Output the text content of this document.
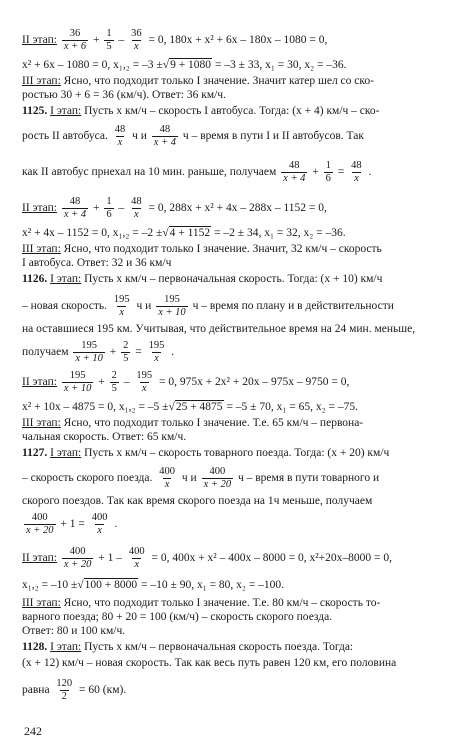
II этап: $\frac{36}{x + 6} + \frac{1}{5} - \frac{36}{x} = 0$, 180x + x² + 6x – 180x – 1080 = 0,
x² + 6x – 1080 = 0, x₁,₂ = –3 ±√9 + 1080 = –3 ± 33, x₁ = 30, x₂ = –36.
III этап: Ясно, что подходит только I значение. Значит катер шел со ско-
ростью 30 + 6 = 36 (км/ч). Ответ: 36 км/ч.
1125. I этап: Пусть x км/ч – скорость I автобуса. Тогда: (x + 4) км/ч – ско-
рость II автобуса. $\frac{48}{x}$ ч и $\frac{48}{x + 4}$ ч – время в пути I и II автобусов. Так
как II автобус прнехал на 10 мин. раньше, получаем $\frac{48}{x + 4} + \frac{1}{6} = \frac{48}{x}$ .
II этап: $\frac{48}{x + 4} + \frac{1}{6} - \frac{48}{x} = 0$, 288x + x² + 4x – 288x – 1152 = 0,
x² + 4x – 1152 = 0, x₁,₂ = –2 ±√4 + 1152 = –2 ± 34, x₁ = 32, x₂ = –36.
III этап: Ясно, что подходит только I значение. Значит, 32 км/ч – скорость
I автобуса. Ответ: 32 и 36 км/ч
1126. I этап: Пусть x км/ч – первоначальная скорость. Тогда: (x + 10) км/ч
– новая скорость. $\frac{195}{x}$ ч и $\frac{195}{x + 10}$ ч – время по плану и в действительности
на оставшиеся 195 км. Учитывая, что действительное время на 24 мин. меньше,
получаем $\frac{195}{x + 10} + \frac{2}{5} = \frac{195}{x}$ .
II этап: $\frac{195}{x + 10} + \frac{2}{5} - \frac{195}{x} = 0$, 975x + 2x² + 20x – 975x – 9750 = 0,
x² + 10x – 4875 = 0, x₁,₂ = –5 ±√25 + 4875 = –5 ± 70, x₁ = 65, x₂ = –75.
III этап: Ясно, что подходит только I значение. Т.е. 65 км/ч – первона-
чальная скорость. Ответ: 65 км/ч.
1127. I этап: Пусть x км/ч – скорость товарного поезда. Тогда: (x + 20) км/ч
– скорость скорого поезда. $\frac{400}{x}$ ч и $\frac{400}{x + 20}$ ч – время в пути товарного и
скорого поездов. Так как время скорого поезда на 1ч меньше, получаем
$\frac{400}{x + 20} + 1 = \frac{400}{x}$ .
II этап: $\frac{400}{x + 20} + 1 - \frac{400}{x} = 0$, 400x + x² – 400x – 8000 = 0, x²+20x–8000 = 0,
x₁,₂ = –10 ±√100 + 8000 = –10 ± 90, x₁ = 80, x₂ = –100.
III этап: Ясно, что подходит только I значение. Т.е. 80 км/ч – скорость то-
варного поезда; 80 + 20 = 100 (км/ч) – скорость скорого поезда.
Ответ: 80 и 100 км/ч.
1128. I этап: Пусть x км/ч – первоначальная скорость поезда. Тогда:
(x + 12) км/ч – новая скорость. Так как весь путь равен 120 км, его половина
равна $\frac{120}{2} = 60$ (км).
242
